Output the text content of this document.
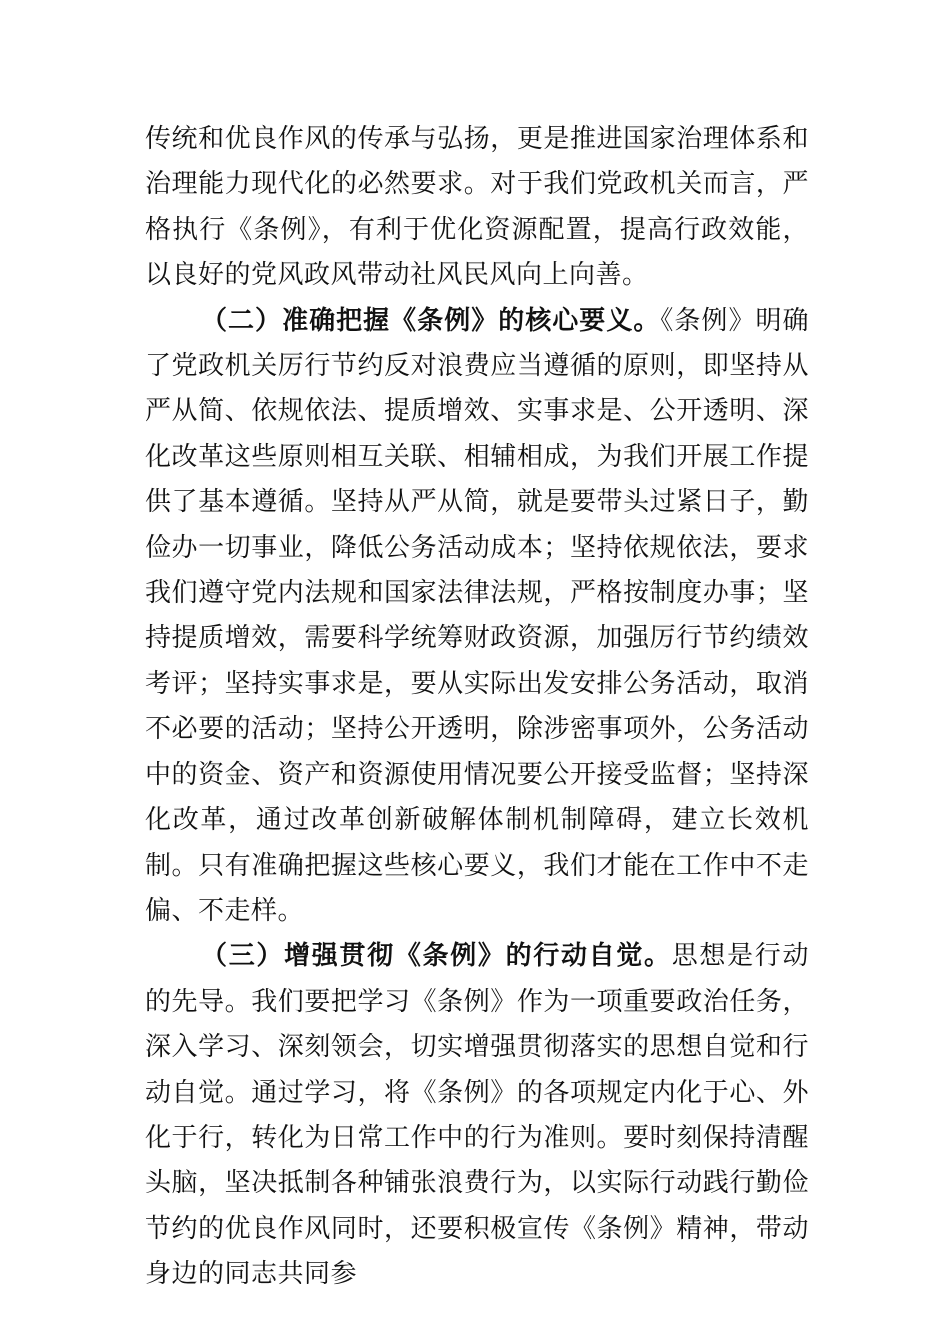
传统和优良作风的传承与弘扬，更是推进国家治理体系和治理能力现代化的必然要求。对于我们党政机关而言，严格执行《条例》，有利于优化资源配置，提高行政效能，以良好的党风政风带动社风民风向上向善。

（二）准确把握《条例》的核心要义。《条例》明确了党政机关厉行节约反对浪费应当遵循的原则，即坚持从严从简、依规依法、提质增效、实事求是、公开透明、深化改革这些原则相互关联、相辅相成，为我们开展工作提供了基本遵循。坚持从严从简，就是要带头过紧日子，勤俭办一切事业，降低公务活动成本；坚持依规依法，要求我们遵守党内法规和国家法律法规，严格按制度办事；坚持提质增效，需要科学统筹财政资源，加强厉行节约绩效考评；坚持实事求是，要从实际出发安排公务活动，取消不必要的活动；坚持公开透明，除涉密事项外，公务活动中的资金、资产和资源使用情况要公开接受监督；坚持深化改革，通过改革创新破解体制机制障碍，建立长效机制。只有准确把握这些核心要义，我们才能在工作中不走偏、不走样。

（三）增强贯彻《条例》的行动自觉。思想是行动的先导。我们要把学习《条例》作为一项重要政治任务，深入学习、深刻领会，切实增强贯彻落实的思想自觉和行动自觉。通过学习，将《条例》的各项规定内化于心、外化于行，转化为日常工作中的行为准则。要时刻保持清醒头脑，坚决抵制各种铺张浪费行为，以实际行动践行勤俭节约的优良作风同时，还要积极宣传《条例》精神，带动身边的同志共同参
